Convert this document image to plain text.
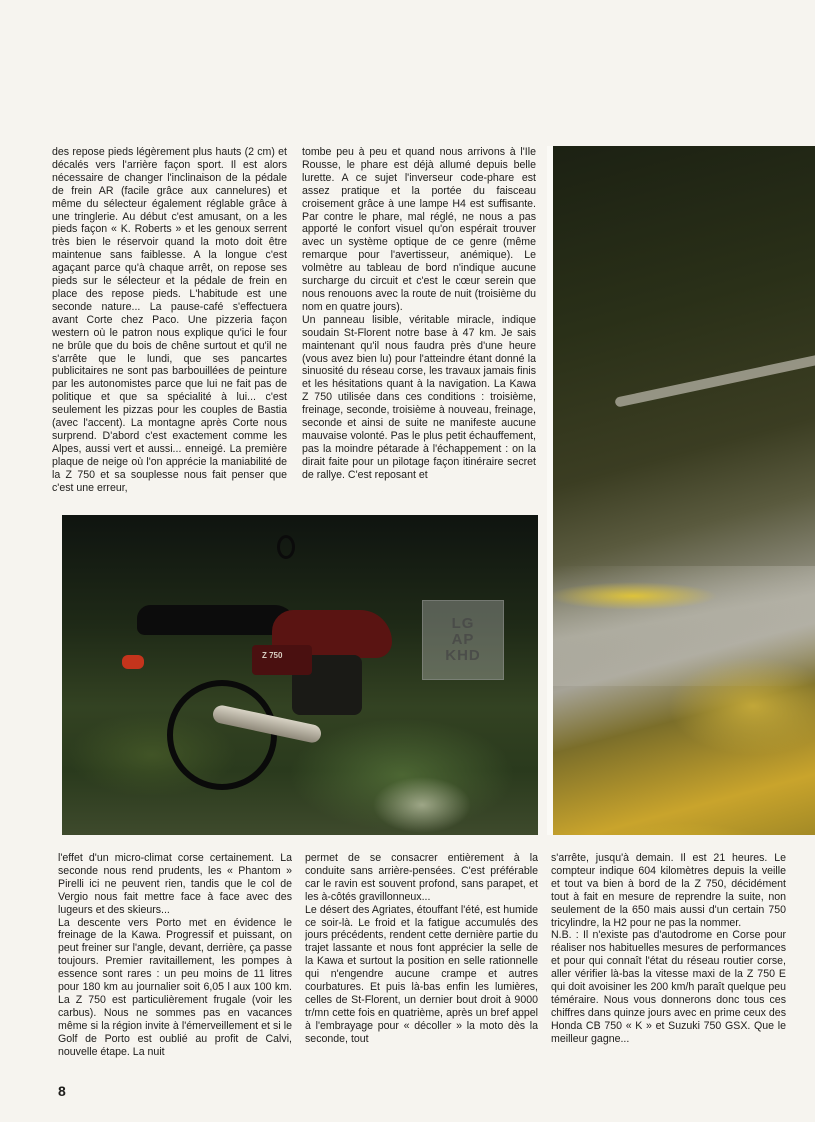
des repose pieds légèrement plus hauts (2 cm) et décalés vers l'arrière façon sport. Il est alors nécessaire de changer l'inclinaison de la pédale de frein AR (facile grâce aux cannelures) et même du sélecteur également réglable grâce à une tringlerie. Au début c'est amusant, on a les pieds façon « K. Roberts » et les genoux serrent très bien le réservoir quand la moto doit être maintenue sans faiblesse. A la longue c'est agaçant parce qu'à chaque arrêt, on repose ses pieds sur le sélecteur et la pédale de frein en place des repose pieds. L'habitude est une seconde nature... La pause-café s'effectuera avant Corte chez Paco. Une pizzeria façon western où le patron nous explique qu'ici le four ne brûle que du bois de chêne surtout et qu'il ne s'arrête que le lundi, que ses pancartes publicitaires ne sont pas barbouillées de peinture par les autonomistes parce que lui ne fait pas de politique et que sa spécialité à lui... c'est seulement les pizzas pour les couples de Bastia (avec l'accent). La montagne après Corte nous surprend. D'abord c'est exactement comme les Alpes, aussi vert et aussi... enneigé. La première plaque de neige où l'on apprécie la maniabilité de la Z 750 et sa souplesse nous fait penser que c'est une erreur,

tombe peu à peu et quand nous arrivons à l'Ile Rousse, le phare est déjà allumé depuis belle lurette. A ce sujet l'inverseur code-phare est assez pratique et la portée du faisceau croisement grâce à une lampe H4 est suffisante. Par contre le phare, mal réglé, ne nous a pas apporté le confort visuel qu'on espérait trouver avec un système optique de ce genre (même remarque pour l'avertisseur, anémique). Le volmètre au tableau de bord n'indique aucune surcharge du circuit et c'est le cœur serein que nous renouons avec la route de nuit (troisième du nom en quatre jours).

Un panneau lisible, véritable miracle, indique soudain St-Florent notre base à 47 km. Je sais maintenant qu'il nous faudra près d'une heure (vous avez bien lu) pour l'atteindre étant donné la sinuosité du réseau corse, les travaux jamais finis et les hésitations quant à la navigation. La Kawa Z 750 utilisée dans ces conditions : troisième, freinage, seconde, troisième à nouveau, freinage, seconde et ainsi de suite ne manifeste aucune mauvaise volonté. Pas le plus petit échauffement, pas la moindre pétarade à l'échappement : on la dirait faite pour un pilotage façon itinéraire secret de rallye. C'est reposant et

Z 750
LG
AP
KHD

l'effet d'un micro-climat corse certainement. La seconde nous rend prudents, les « Phantom » Pirelli ici ne peuvent rien, tandis que le col de Vergio nous fait mettre face à face avec des lugeurs et des skieurs...

La descente vers Porto met en évidence le freinage de la Kawa. Progressif et puissant, on peut freiner sur l'angle, devant, derrière, ça passe toujours. Premier ravitaillement, les pompes à essence sont rares : un peu moins de 11 litres pour 180 km au journalier soit 6,05 l aux 100 km. La Z 750 est particulièrement frugale (voir les carbus). Nous ne sommes pas en vacances même si la région invite à l'émerveillement et si le Golf de Porto est oublié au profit de Calvi, nouvelle étape. La nuit

permet de se consacrer entièrement à la conduite sans arrière-pensées. C'est préférable car le ravin est souvent profond, sans parapet, et les à-côtés gravillonneux...

Le désert des Agriates, étouffant l'été, est humide ce soir-là. Le froid et la fatigue accumulés des jours précédents, rendent cette dernière partie du trajet lassante et nous font apprécier la selle de la Kawa et surtout la position en selle rationnelle qui n'engendre aucune crampe et autres courbatures. Et puis là-bas enfin les lumières, celles de St-Florent, un dernier bout droit à 9000 tr/mn cette fois en quatrième, après un bref appel à l'embrayage pour « décoller » la moto dès la seconde, tout

s'arrête, jusqu'à demain. Il est 21 heures. Le compteur indique 604 kilomètres depuis la veille et tout va bien à bord de la Z 750, décidément tout à fait en mesure de reprendre la suite, non seulement de la 650 mais aussi d'un certain 750 tricylindre, la H2 pour ne pas la nommer.

N.B. : Il n'existe pas d'autodrome en Corse pour réaliser nos habituelles mesures de performances et pour qui connaît l'état du réseau routier corse, aller vérifier là-bas la vitesse maxi de la Z 750 E qui doit avoisiner les 200 km/h paraît quelque peu téméraire. Nous vous donnerons donc tous ces chiffres dans quinze jours avec en prime ceux des Honda CB 750 « K » et Suzuki 750 GSX. Que le meilleur gagne...

8
